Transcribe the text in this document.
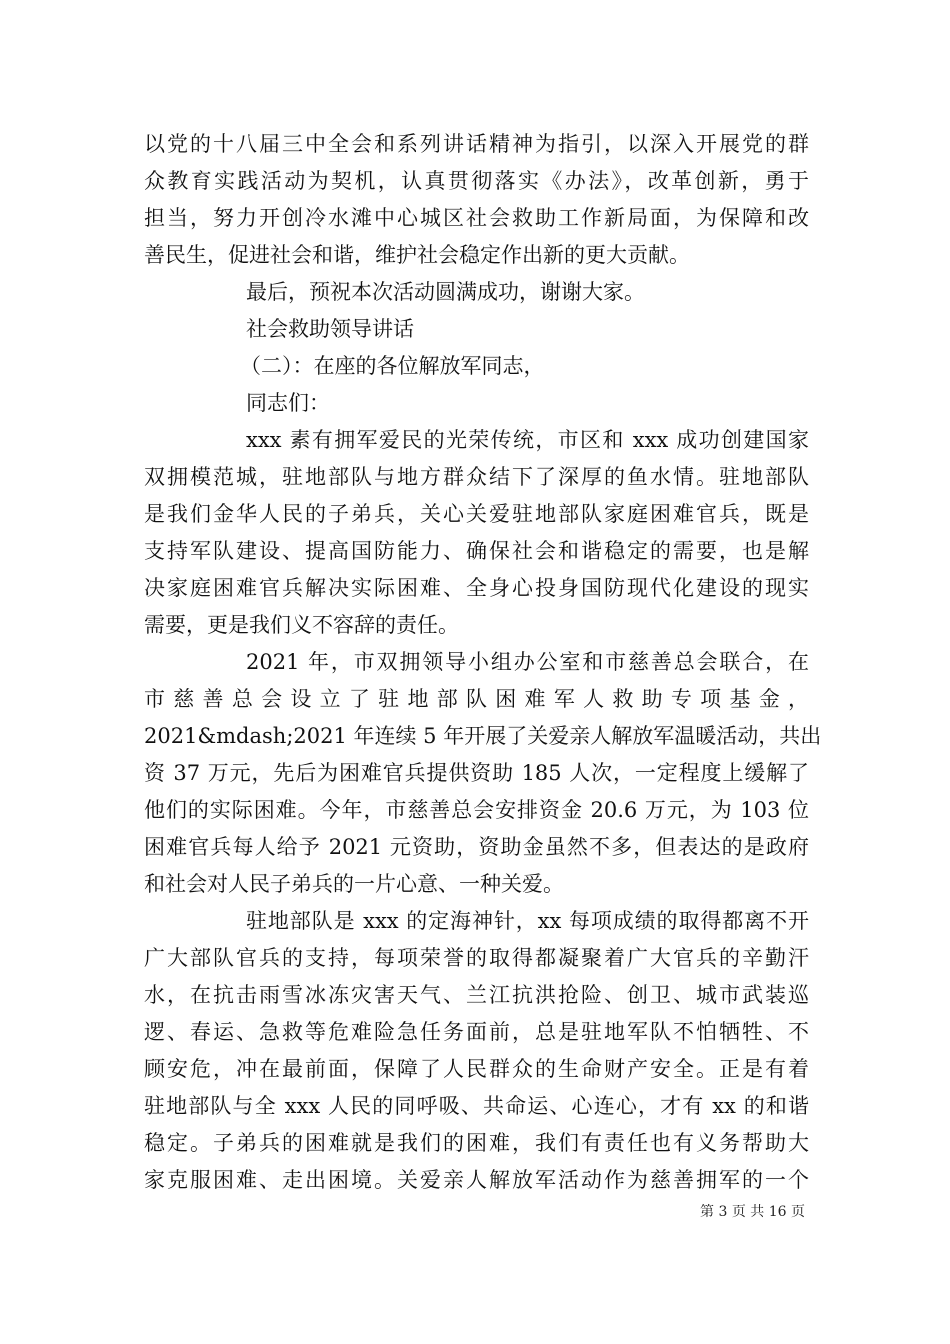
以党的十八届三中全会和系列讲话精神为指引，以深入开展党的群
众教育实践活动为契机，认真贯彻落实《办法》，改革创新，勇于
担当，努力开创冷水滩中心城区社会救助工作新局面，为保障和改
善民生，促进社会和谐，维护社会稳定作出新的更大贡献。
最后，预祝本次活动圆满成功，谢谢大家。
社会救助领导讲话
（二）：在座的各位解放军同志，
同志们：
xxx 素有拥军爱民的光荣传统，市区和 xxx 成功创建国家
双拥模范城，驻地部队与地方群众结下了深厚的鱼水情。驻地部队
是我们金华人民的子弟兵，关心关爱驻地部队家庭困难官兵，既是
支持军队建设、提高国防能力、确保社会和谐稳定的需要，也是解
决家庭困难官兵解决实际困难、全身心投身国防现代化建设的现实
需要，更是我们义不容辞的责任。
2021 年，市双拥领导小组办公室和市慈善总会联合，在
市慈善总会设立了驻地部队困难军人救助专项基金，
2021&mdash;2021 年连续 5 年开展了关爱亲人解放军温暖活动，共出
资 37 万元，先后为困难官兵提供资助 185 人次，一定程度上缓解了
他们的实际困难。今年，市慈善总会安排资金 20.6 万元，为 103 位
困难官兵每人给予 2021 元资助，资助金虽然不多，但表达的是政府
和社会对人民子弟兵的一片心意、一种关爱。
驻地部队是 xxx 的定海神针，xx 每项成绩的取得都离不开
广大部队官兵的支持，每项荣誉的取得都凝聚着广大官兵的辛勤汗
水，在抗击雨雪冰冻灾害天气、兰江抗洪抢险、创卫、城市武装巡
逻、春运、急救等危难险急任务面前，总是驻地军队不怕牺牲、不
顾安危，冲在最前面，保障了人民群众的生命财产安全。正是有着
驻地部队与全 xxx 人民的同呼吸、共命运、心连心，才有 xx 的和谐
稳定。子弟兵的困难就是我们的困难，我们有责任也有义务帮助大
家克服困难、走出困境。关爱亲人解放军活动作为慈善拥军的一个
第 3 页 共 16 页
